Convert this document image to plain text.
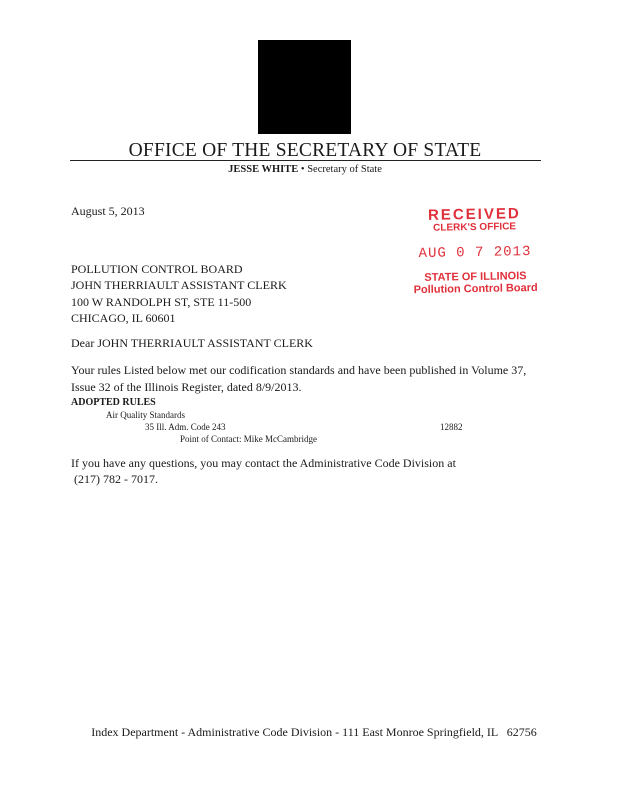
OFFICE OF THE SECRETARY OF STATE
JESSE WHITE • Secretary of State
August 5, 2013	RECEIVED
CLERK'S OFFICE
AUG 0 7 2013
STATE OF ILLINOIS
Pollution Control Board
POLLUTION CONTROL BOARD
JOHN THERRIAULT ASSISTANT CLERK
100 W RANDOLPH ST, STE 11-500
CHICAGO, IL 60601
Dear JOHN THERRIAULT ASSISTANT CLERK
Your rules Listed below met our codification standards and have been published in Volume 37,
Issue 32 of the Illinois Register, dated 8/9/2013.
ADOPTED RULES
Air Quality Standards
35 Ill. Adm. Code 243	12882
Point of Contact: Mike McCambridge
If you have any questions, you may contact the Administrative Code Division at
(217) 782 - 7017.
Index Department - Administrative Code Division - 111 East Monroe Springfield, IL   62756
